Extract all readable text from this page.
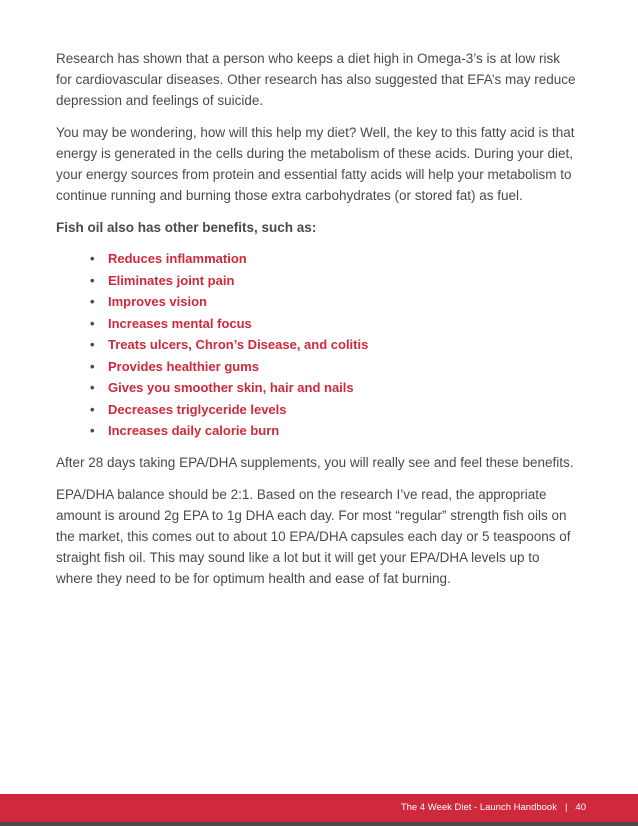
Research has shown that a person who keeps a diet high in Omega-3’s is at low risk for cardiovascular diseases. Other research has also suggested that EFA’s may reduce depression and feelings of suicide.

You may be wondering, how will this help my diet? Well, the key to this fatty acid is that energy is generated in the cells during the metabolism of these acids. During your diet, your energy sources from protein and essential fatty acids will help your metabolism to continue running and burning those extra carbohydrates (or stored fat) as fuel.

Fish oil also has other benefits, such as:

• Reduces inflammation
• Eliminates joint pain
• Improves vision
• Increases mental focus
• Treats ulcers, Chron’s Disease, and colitis
• Provides healthier gums
• Gives you smoother skin, hair and nails
• Decreases triglyceride levels
• Increases daily calorie burn

After 28 days taking EPA/DHA supplements, you will really see and feel these benefits.

EPA/DHA balance should be 2:1. Based on the research I’ve read, the appropriate amount is around 2g EPA to 1g DHA each day. For most “regular” strength fish oils on the market, this comes out to about 10 EPA/DHA capsules each day or 5 teaspoons of straight fish oil. This may sound like a lot but it will get your EPA/DHA levels up to where they need to be for optimum health and ease of fat burning.

The 4 Week Diet - Launch Handbook | 40
